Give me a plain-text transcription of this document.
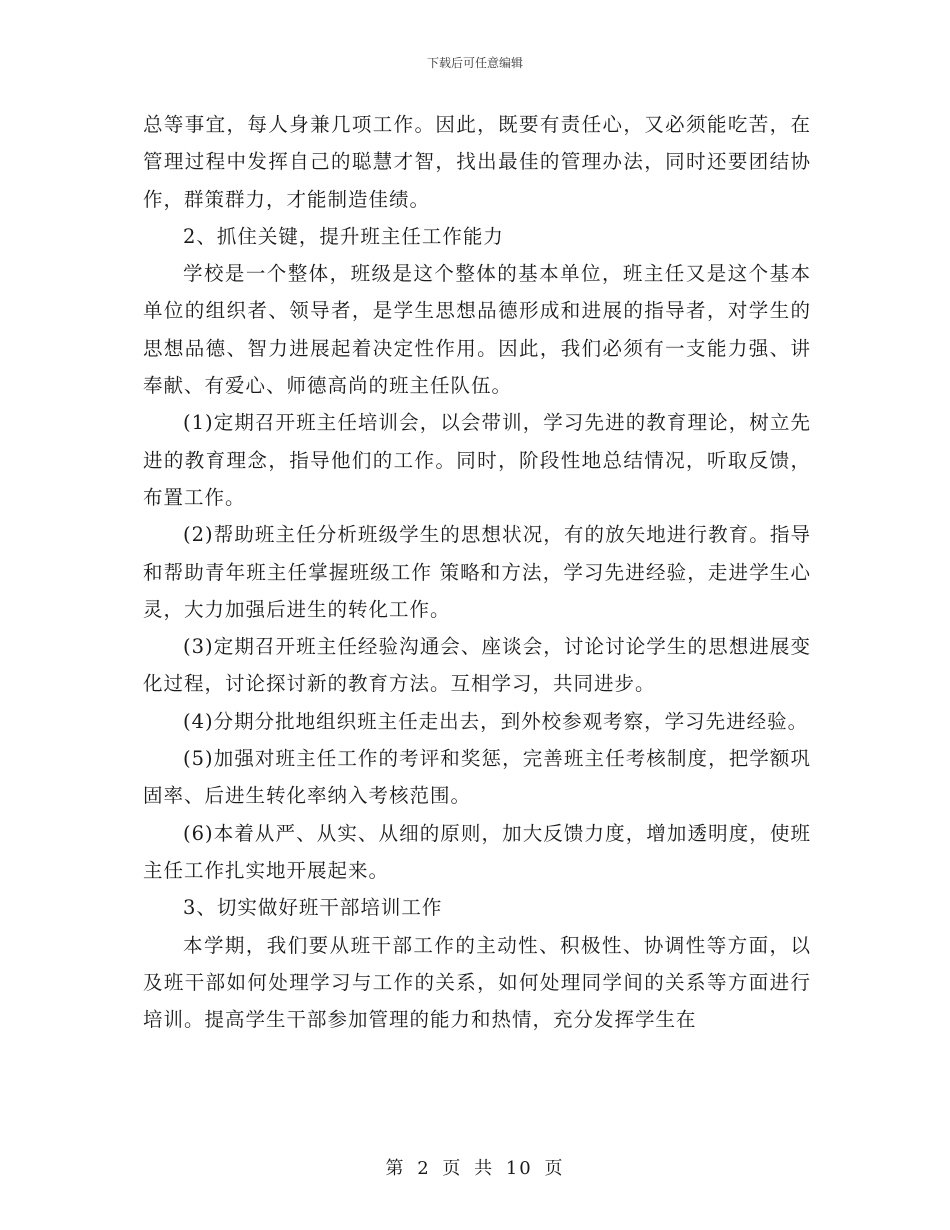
下载后可任意编辑

总等事宜，每人身兼几项工作。因此，既要有责任心，又必须能吃苦，在管理过程中发挥自己的聪慧才智，找出最佳的管理办法，同时还要团结协作，群策群力，才能制造佳绩。

2、抓住关键，提升班主任工作能力

学校是一个整体，班级是这个整体的基本单位，班主任又是这个基本单位的组织者、领导者，是学生思想品德形成和进展的指导者，对学生的思想品德、智力进展起着决定性作用。因此，我们必须有一支能力强、讲奉献、有爱心、师德高尚的班主任队伍。

(1)定期召开班主任培训会，以会带训，学习先进的教育理论，树立先进的教育理念，指导他们的工作。同时，阶段性地总结情况，听取反馈，布置工作。

(2)帮助班主任分析班级学生的思想状况，有的放矢地进行教育。指导和帮助青年班主任掌握班级工作 策略和方法，学习先进经验，走进学生心灵，大力加强后进生的转化工作。

(3)定期召开班主任经验沟通会、座谈会，讨论讨论学生的思想进展变化过程，讨论探讨新的教育方法。互相学习，共同进步。

(4)分期分批地组织班主任走出去，到外校参观考察，学习先进经验。

(5)加强对班主任工作的考评和奖惩，完善班主任考核制度，把学额巩固率、后进生转化率纳入考核范围。

(6)本着从严、从实、从细的原则，加大反馈力度，增加透明度，使班主任工作扎实地开展起来。

3、切实做好班干部培训工作

本学期，我们要从班干部工作的主动性、积极性、协调性等方面，以及班干部如何处理学习与工作的关系，如何处理同学间的关系等方面进行培训。提高学生干部参加管理的能力和热情，充分发挥学生在

第 2 页 共 10 页
